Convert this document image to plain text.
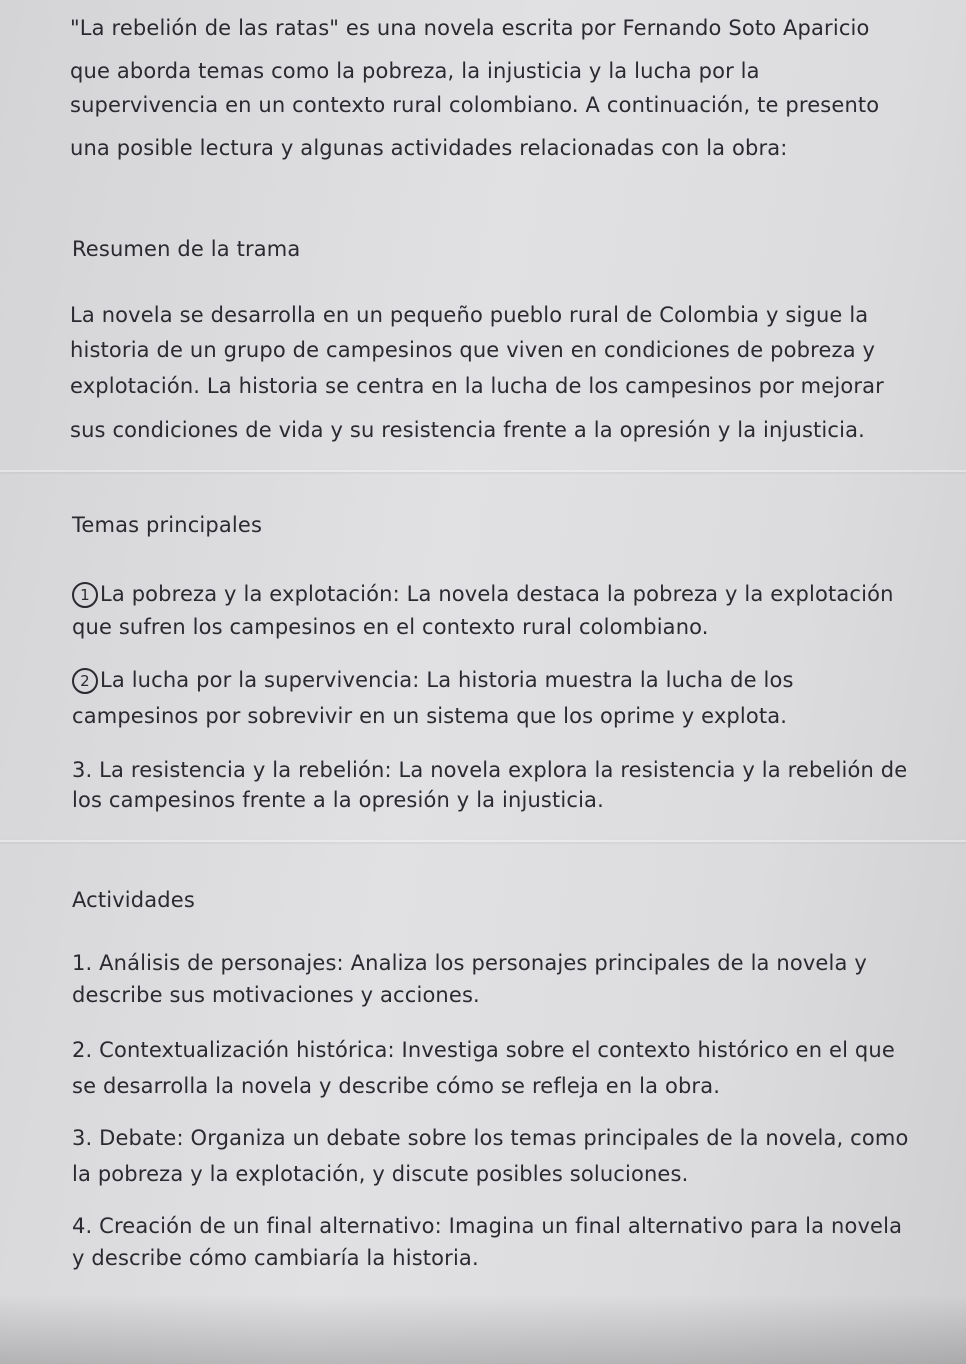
"La rebelión de las ratas" es una novela escrita por Fernando Soto Aparicio
que aborda temas como la pobreza, la injusticia y la lucha por la
supervivencia en un contexto rural colombiano. A continuación, te presento
una posible lectura y algunas actividades relacionadas con la obra:
Resumen de la trama
La novela se desarrolla en un pequeño pueblo rural de Colombia y sigue la
historia de un grupo de campesinos que viven en condiciones de pobreza y
explotación. La historia se centra en la lucha de los campesinos por mejorar
sus condiciones de vida y su resistencia frente a la opresión y la injusticia.
Temas principales
1 La pobreza y la explotación: La novela destaca la pobreza y la explotación
que sufren los campesinos en el contexto rural colombiano.
2 La lucha por la supervivencia: La historia muestra la lucha de los
campesinos por sobrevivir en un sistema que los oprime y explota.
3. La resistencia y la rebelión: La novela explora la resistencia y la rebelión de
los campesinos frente a la opresión y la injusticia.
Actividades
1. Análisis de personajes: Analiza los personajes principales de la novela y
describe sus motivaciones y acciones.
2. Contextualización histórica: Investiga sobre el contexto histórico en el que
se desarrolla la novela y describe cómo se refleja en la obra.
3. Debate: Organiza un debate sobre los temas principales de la novela, como
la pobreza y la explotación, y discute posibles soluciones.
4. Creación de un final alternativo: Imagina un final alternativo para la novela
y describe cómo cambiaría la historia.
